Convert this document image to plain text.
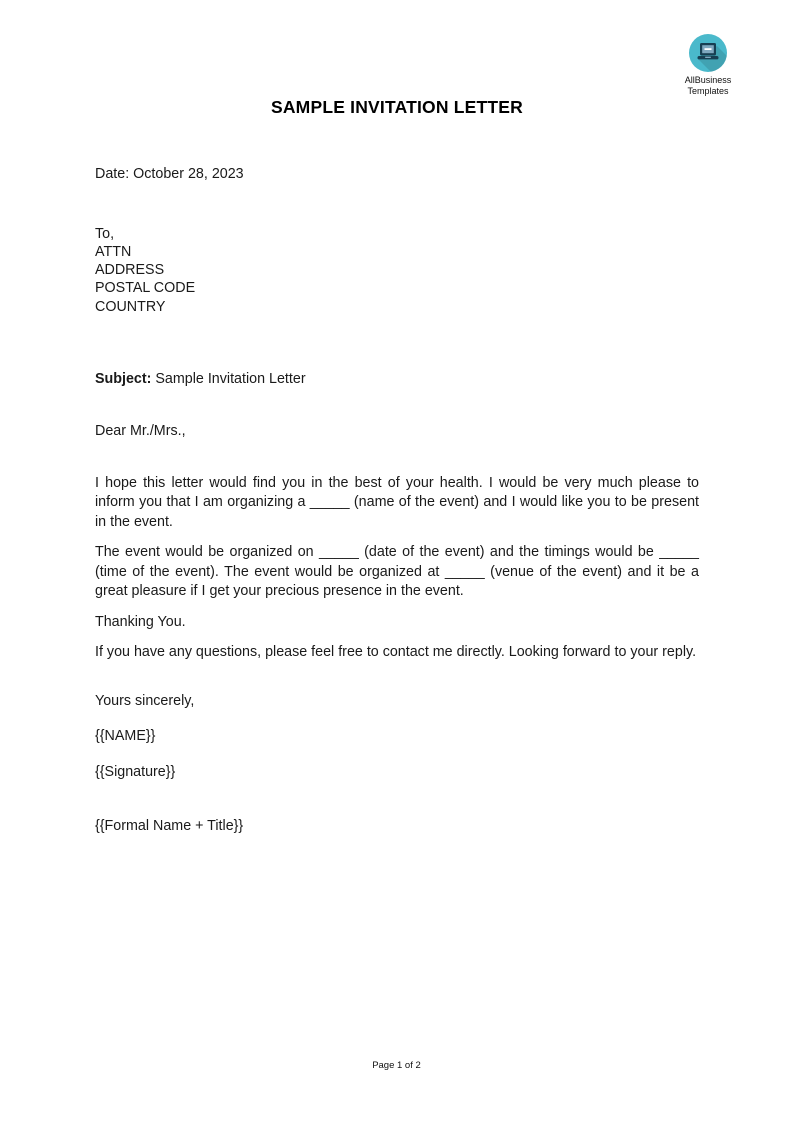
AllBusiness
Templates
SAMPLE INVITATION LETTER

Date: October 28, 2023

To,
ATTN
ADDRESS
POSTAL CODE
COUNTRY

Subject: Sample Invitation Letter

Dear Mr./Mrs.,

I hope this letter would find you in the best of your health. I would be very much please to inform you that I am organizing a _____ (name of the event) and I would like you to be present in the event.

The event would be organized on _____ (date of the event) and the timings would be _____ (time of the event). The event would be organized at _____ (venue of the event) and it be a great pleasure if I get your precious presence in the event.

Thanking You.

If you have any questions, please feel free to contact me directly. Looking forward to your reply.

Yours sincerely,

{{NAME}}

{{Signature}}

{{Formal Name + Title}}

Page 1 of 2
